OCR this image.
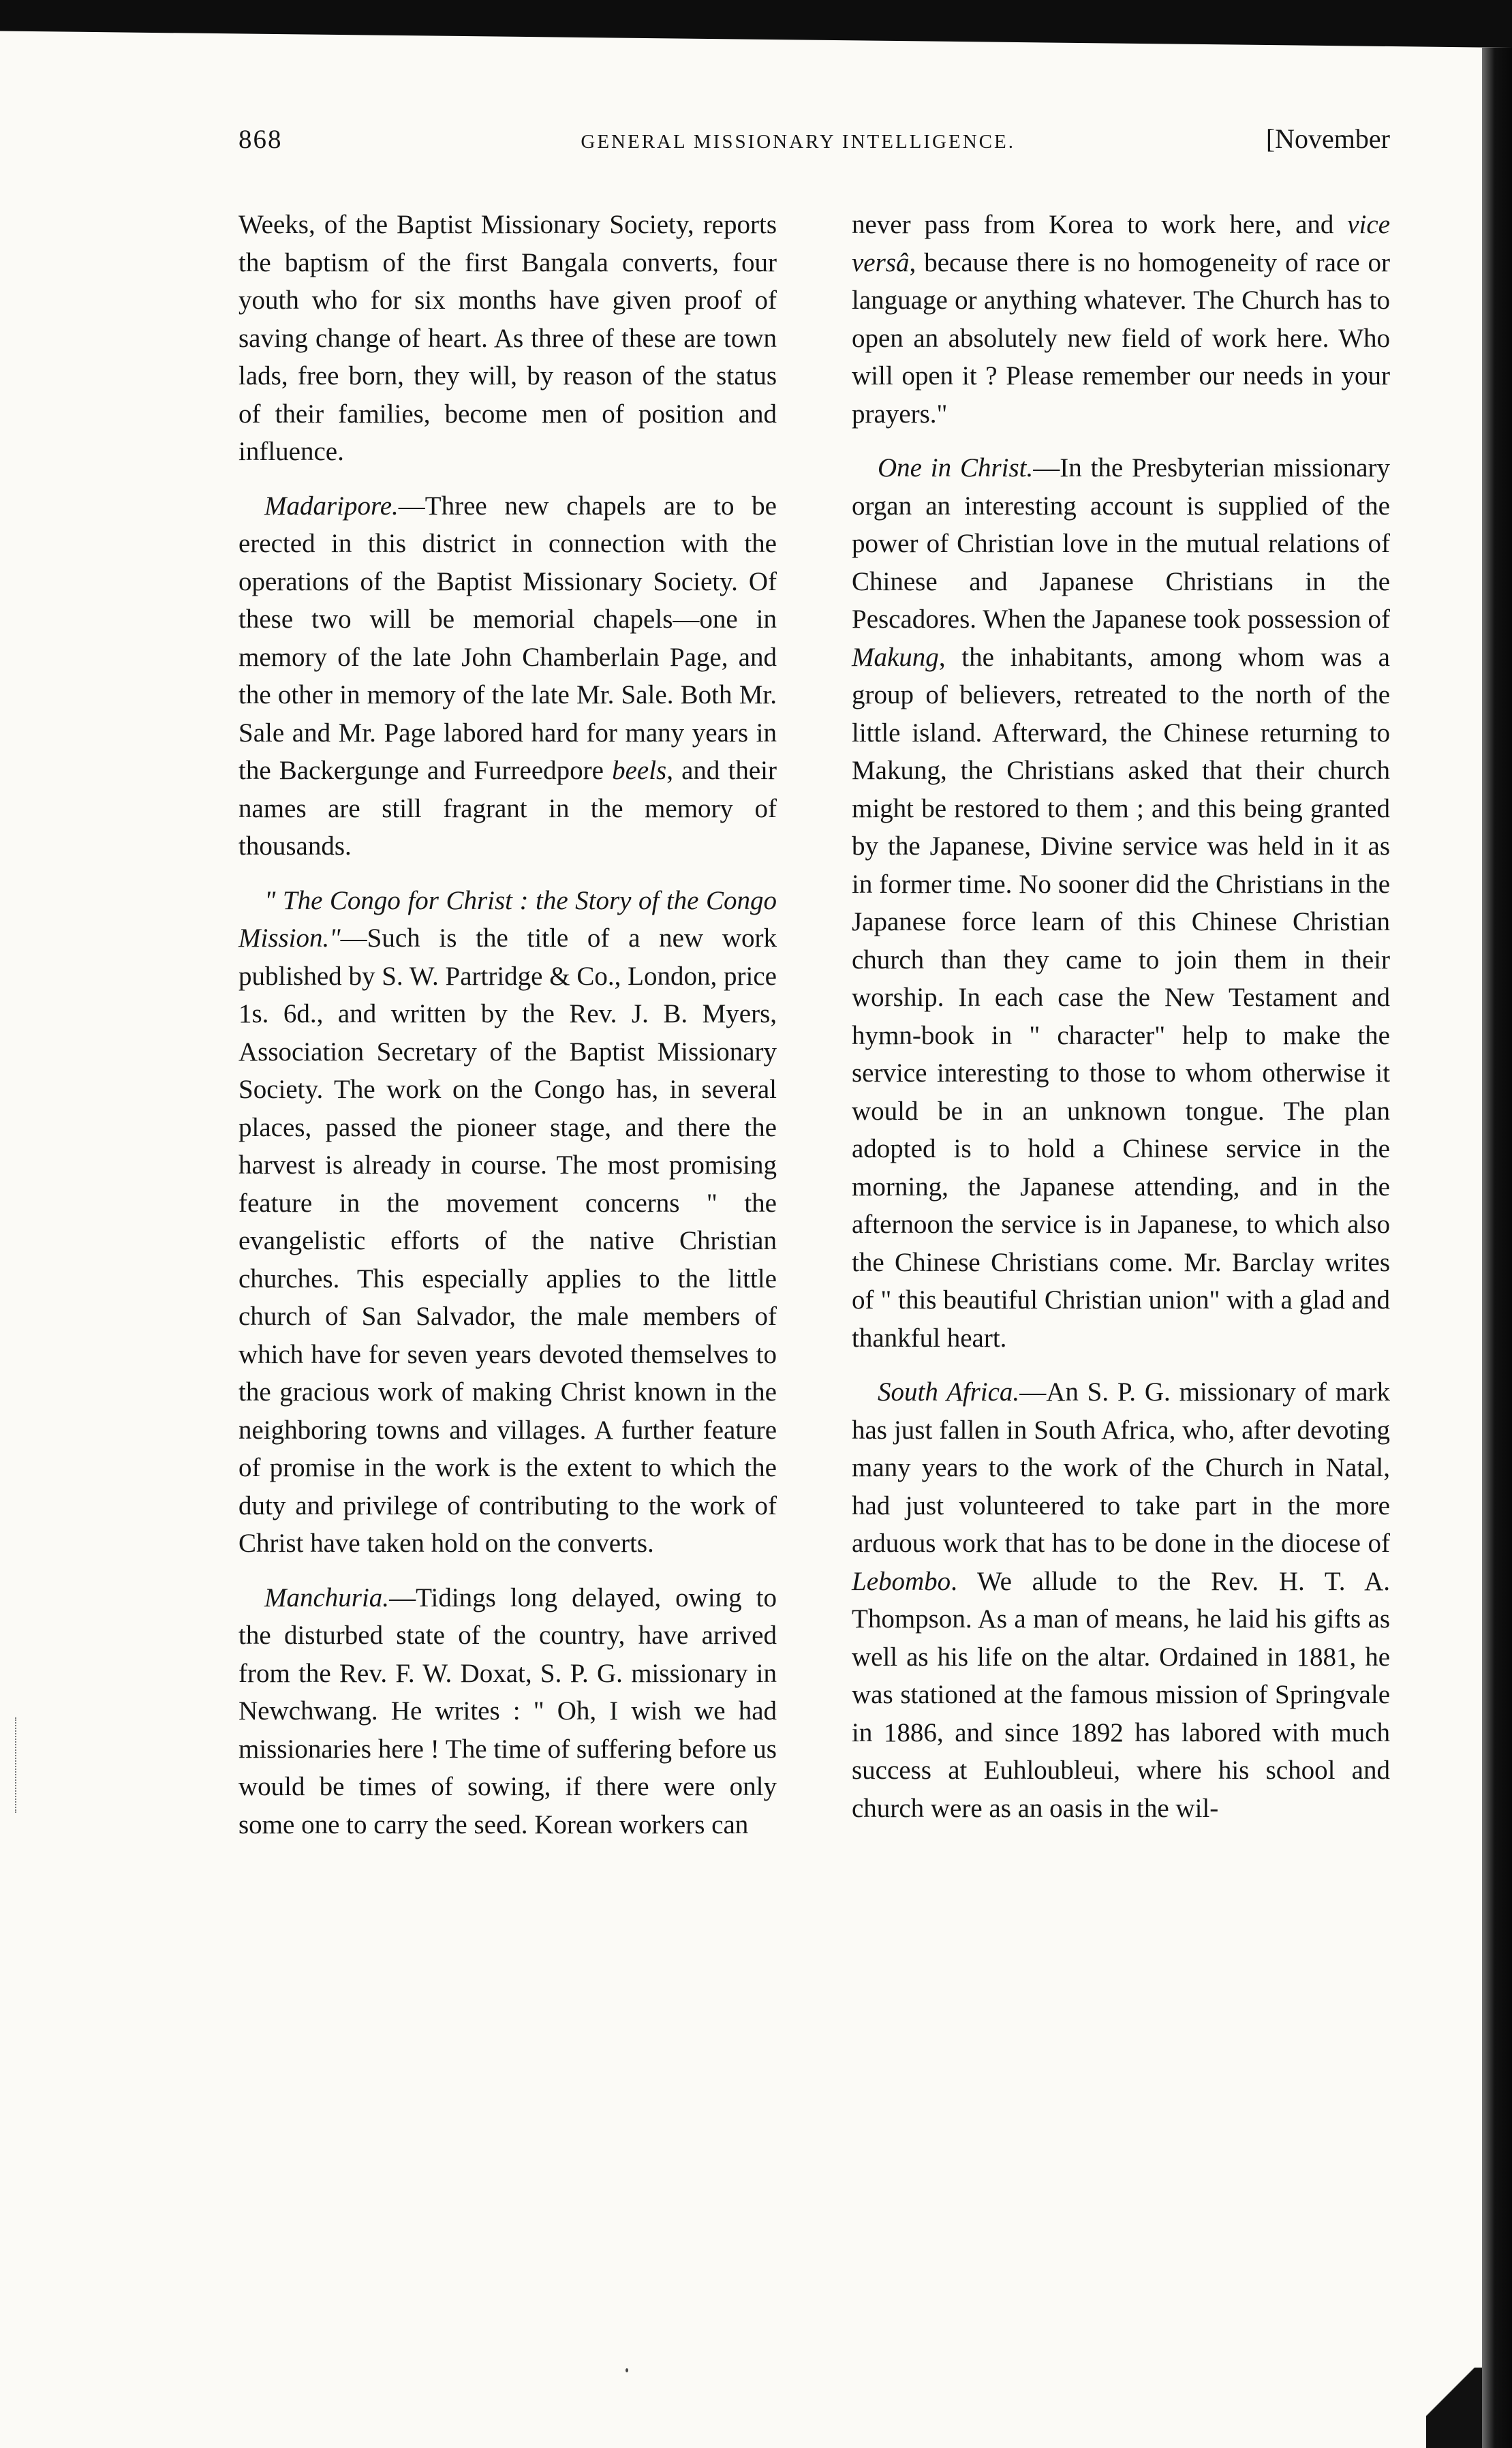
868	GENERAL MISSIONARY INTELLIGENCE.	[November

Weeks, of the Baptist Missionary Society, reports the baptism of the first Bangala converts, four youth who for six months have given proof of saving change of heart. As three of these are town lads, free born, they will, by reason of the status of their families, become men of position and influence.

Madaripore.—Three new chapels are to be erected in this district in connection with the operations of the Baptist Missionary Society. Of these two will be memorial chapels—one in memory of the late John Chamberlain Page, and the other in memory of the late Mr. Sale. Both Mr. Sale and Mr. Page labored hard for many years in the Backergunge and Furreedpore beels, and their names are still fragrant in the memory of thousands.

" The Congo for Christ : the Story of the Congo Mission."—Such is the title of a new work published by S. W. Partridge & Co., London, price 1s. 6d., and written by the Rev. J. B. Myers, Association Secretary of the Baptist Missionary Society. The work on the Congo has, in several places, passed the pioneer stage, and there the harvest is already in course. The most promising feature in the movement concerns " the evangelistic efforts of the native Christian churches. This especially applies to the little church of San Salvador, the male members of which have for seven years devoted themselves to the gracious work of making Christ known in the neighboring towns and villages. A further feature of promise in the work is the extent to which the duty and privilege of contributing to the work of Christ have taken hold on the converts.

Manchuria.—Tidings long delayed, owing to the disturbed state of the country, have arrived from the Rev. F. W. Doxat, S. P. G. missionary in Newchwang. He writes : " Oh, I wish we had missionaries here ! The time of suffering before us would be times of sowing, if there were only some one to carry the seed. Korean workers can

never pass from Korea to work here, and vice versâ, because there is no homogeneity of race or language or anything whatever. The Church has to open an absolutely new field of work here. Who will open it ? Please remember our needs in your prayers."

One in Christ.—In the Presbyterian missionary organ an interesting account is supplied of the power of Christian love in the mutual relations of Chinese and Japanese Christians in the Pescadores. When the Japanese took possession of Makung, the inhabitants, among whom was a group of believers, retreated to the north of the little island. Afterward, the Chinese returning to Makung, the Christians asked that their church might be restored to them ; and this being granted by the Japanese, Divine service was held in it as in former time. No sooner did the Christians in the Japanese force learn of this Chinese Christian church than they came to join them in their worship. In each case the New Testament and hymn-book in " character" help to make the service interesting to those to whom otherwise it would be in an unknown tongue. The plan adopted is to hold a Chinese service in the morning, the Japanese attending, and in the afternoon the service is in Japanese, to which also the Chinese Christians come. Mr. Barclay writes of " this beautiful Christian union" with a glad and thankful heart.

South Africa.—An S. P. G. missionary of mark has just fallen in South Africa, who, after devoting many years to the work of the Church in Natal, had just volunteered to take part in the more arduous work that has to be done in the diocese of Lebombo. We allude to the Rev. H. T. A. Thompson. As a man of means, he laid his gifts as well as his life on the altar. Ordained in 1881, he was stationed at the famous mission of Springvale in 1886, and since 1892 has labored with much success at Euhloubleui, where his school and church were as an oasis in the wil-
